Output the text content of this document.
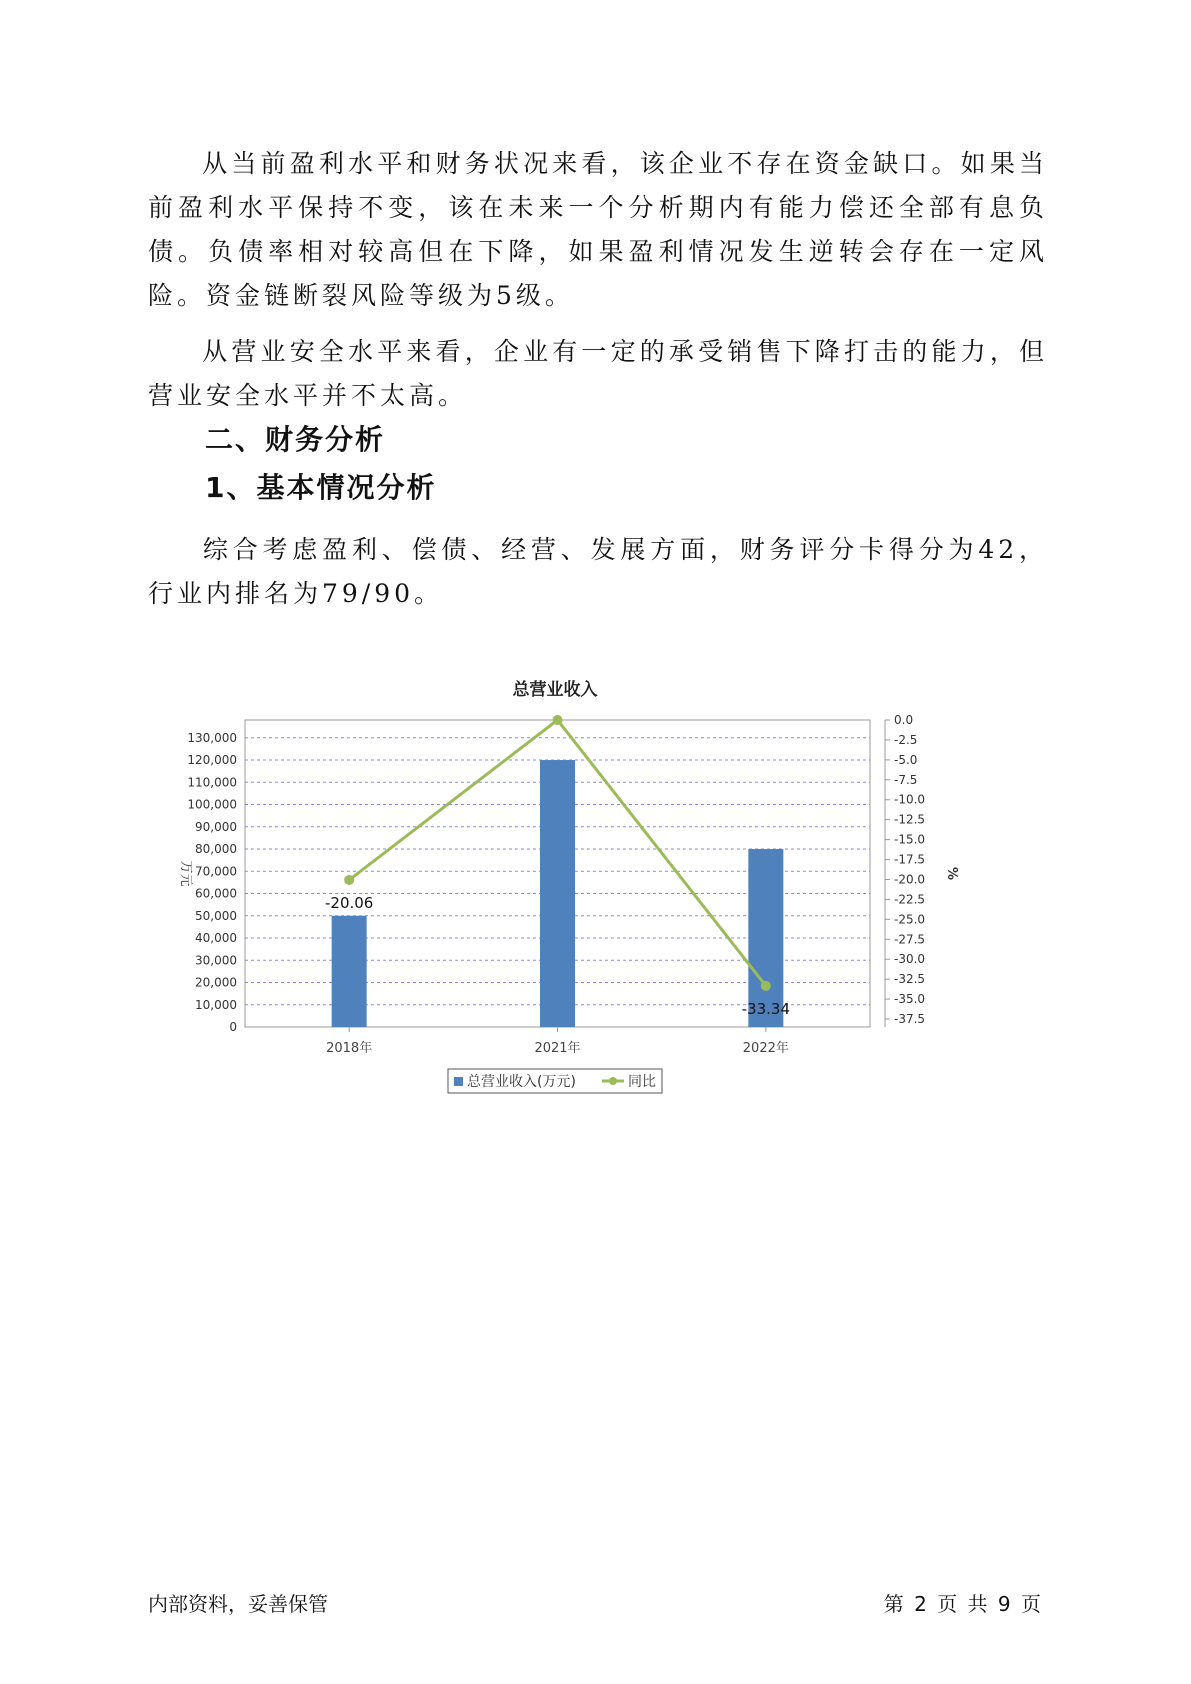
从当前盈利水平和财务状况来看，该企业不存在资金缺口。如果当前盈利水平保持不变，该在未来一个分析期内有能力偿还全部有息负债。负债率相对较高但在下降，如果盈利情况发生逆转会存在一定风险。资金链断裂风险等级为5级。

从营业安全水平来看，企业有一定的承受销售下降打击的能力，但营业安全水平并不太高。

二、财务分析
1、基本情况分析

综合考虑盈利、偿债、经营、发展方面，财务评分卡得分为42，行业内排名为79/90。

总营业收入
0
10,000
20,000
30,000
40,000
50,000
60,000
70,000
80,000
90,000
100,000
110,000
120,000
130,000
0.0
-2.5
-5.0
-7.5
-10.0
-12.5
-15.0
-17.5
-20.0
-22.5
-25.0
-27.5
-30.0
-32.5
-35.0
-37.5
万元	%
2018年	2021年	2022年
-20.06
-33.34
总营业收入(万元)	同比
内部资料，妥善保管	第 2 页 共 9 页
